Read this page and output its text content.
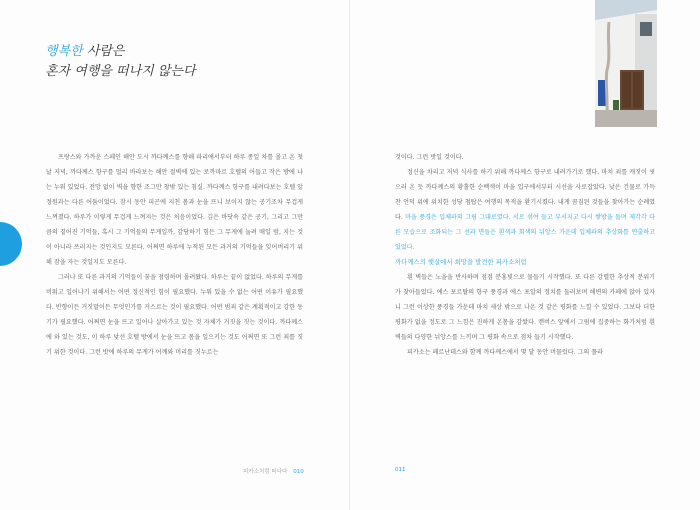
행복한 사람은
혼자 여행을 떠나지 않는다

프랑스와 가까운 스페인 해안 도시 까다께스를 향해 파리에서부터 하루 종일 차를 몰고 온 첫날 저녁, 까다께스 항구를 멀리 바라보는 해안 절벽에 있는 로까마르 호텔의 어둡고 작은 방에 나는 누워 있었다. 전망 없이 벽을 향한 조그만 창밖 있는 침실. 까다께스 항구를 내려다보는 호텔 앞 정원과는 다른 어둠이었다. 잠시 동안 피곤에 지친 몸과 눈을 뜨니 보이지 않는 공기조차 무겁게 느껴졌다. 하루가 이렇게 무겁게 느껴지는 것은 처음이었다. 깊은 바닷속 같은 공기, 그리고 그만큼의 짙어진 기억들, 혹시 그 기억들의 무게일까, 감당하기 힘든 그 무게에 눌려 매일 밤, 지는 것이 아니라 쓰러지는 것인지도 모른다. 어쩌면 하루에 누적된 모든 과거의 기억들을 잊어버리기 위해 잠을 자는 것일지도 모른다.

그러나 또 다른 과거의 기억들이 꿈을 점령하며 몰려왔다. 하루는 끝이 없었다. 하루의 무게를 비워고 일어나기 위해서는 어떤 정신적인 힘이 필요했다. 누워 있을 수 없는 어떤 이유가 필요했다. 반향이든 거짓말이든 무엇인가를 거스르는 것이 필요했다. 어떤 범죄 같은 계획적이고 강한 동기가 필요했다. 어쩌면 눈을 뜨고 일어나 살아가고 있는 것 자체가 거짓을 짓는 것이다. 까다께스에 와 있는 것도, 이 하루 낯선 호텔 방에서 눈을 뜨고 몸을 일으키는 것도 어쩌면 또 그런 죄를 짓기 위한 것이다. 그런 밧에 하루의 무게가 어깨와 머리를 짓누르는

피카소처럼 떠나다 010

것이다. 그런 밧일 것이다.

정신을 차리고 저녁 식사를 하기 위해 까다께스 항구로 내려가기로 했다. 마치 죄를 캐짓이 씻으러 온 듯 까다께스의 황홀한 순백색이 마을 입구에서부터 시선을 사로잡았다. 낮은 건물로 가득 찬 언덕 위에 위치한 성당 첨탑은 여행의 목적을 환기시켰다. 내게 꼼짐된 것들을 찾아가는 순례였다. 마을 풍경은 입체파의 그림 그대로였다. 서로 섞여 들고 부서지고 다시 쌓방을 돌며 제각각 다른 모습으로 조화되는 그 선과 면들은 흰색과 회색의 뉘앙스 가운데 입체파의 추상화를 연출하고 있었다.

까다께스의 햇살에서 희망을 발견한 피카소처럼

흰 벽들은 노을을 반사하며 점점 분홍빛으로 물들기 시작했다. 또 다른 강렬한 추상적 분위기가 찾아들었다. 에스 포르탈의 항구 풍경과 에스 포알의 정치를 둘러보며 해변의 카페에 앉아 있자니 그런 이상한 풍경들 가운데 마치 세상 밖으로 나온 것 같은 평화를 느낄 수 있었다. 그보다 더한 평화가 없을 정도로 그 느낌은 진하게 온몸을 감쌌다. 캔버스 앞에서 그림에 집중하는 화가처럼 흰 벽들의 다양한 뉘앙스를 느끼며 그 평화 속으로 점차 들기 시작했다.

피카소는 페르난데스와 함께 까다께스에서 몇 달 동안 머물렀다. 그의 플라

011
